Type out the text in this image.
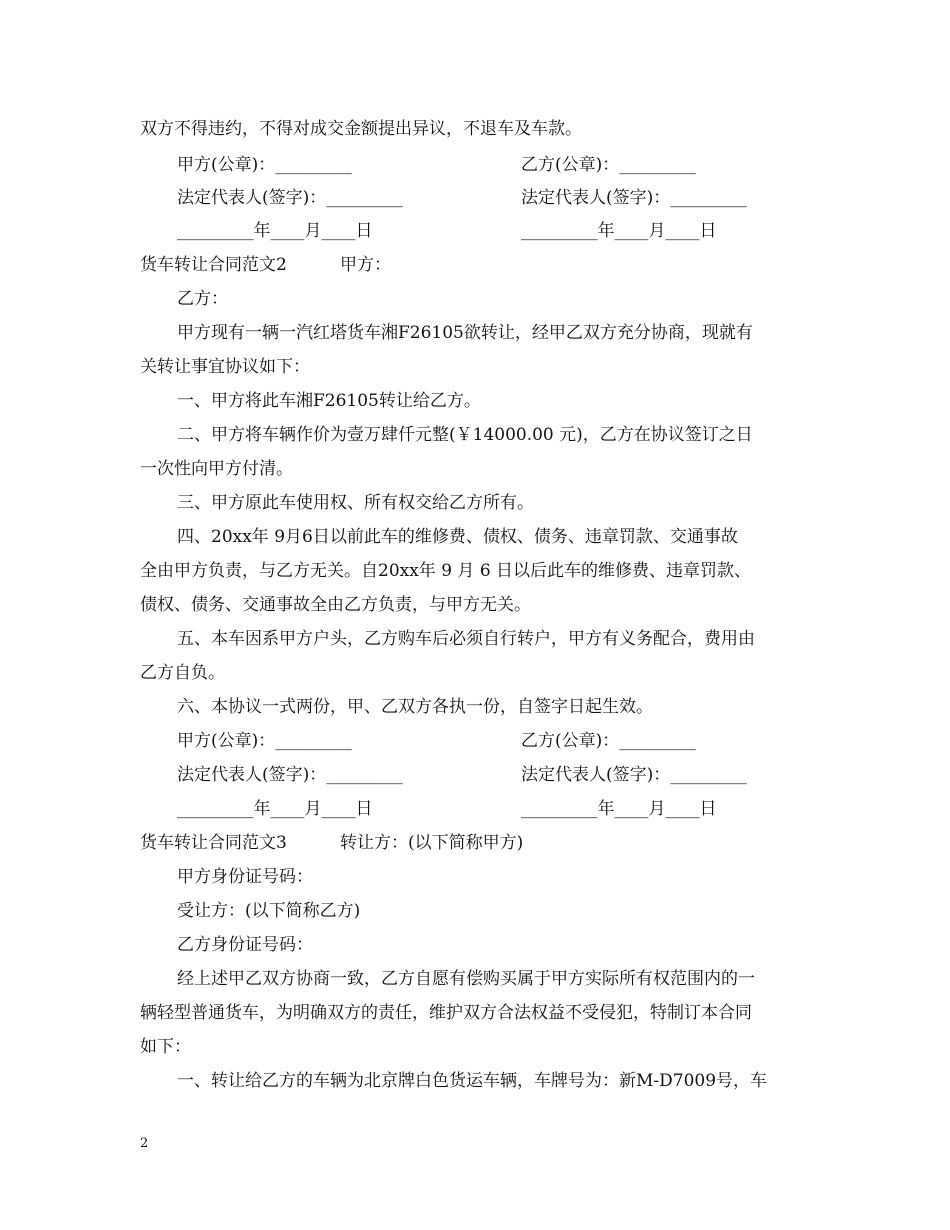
双方不得违约，不得对成交金额提出异议，不退车及车款。
甲方(公章)：_________	乙方(公章)：_________
法定代表人(签字)：_________	法定代表人(签字)：_________
_________年____月____日	_________年____月____日
货车转让合同范文2	甲方：
乙方：
甲方现有一辆一汽红塔货车湘F26105欲转让，经甲乙双方充分协商，现就有
关转让事宜协议如下：
一、甲方将此车湘F26105转让给乙方。
二、甲方将车辆作价为壹万肆仟元整(￥14000.00 元)，乙方在协议签订之日
一次性向甲方付清。
三、甲方原此车使用权、所有权交给乙方所有。
四、20xx年 9月6日以前此车的维修费、债权、债务、违章罚款、交通事故
全由甲方负责，与乙方无关。自20xx年 9 月 6 日以后此车的维修费、违章罚款、
债权、债务、交通事故全由乙方负责，与甲方无关。
五、本车因系甲方户头，乙方购车后必须自行转户，甲方有义务配合，费用由
乙方自负。
六、本协议一式两份，甲、乙双方各执一份，自签字日起生效。
甲方(公章)：_________	乙方(公章)：_________
法定代表人(签字)：_________	法定代表人(签字)：_________
_________年____月____日	_________年____月____日
货车转让合同范文3	转让方：(以下简称甲方)
甲方身份证号码：
受让方：(以下简称乙方)
乙方身份证号码：
经上述甲乙双方协商一致，乙方自愿有偿购买属于甲方实际所有权范围内的一
辆轻型普通货车，为明确双方的责任，维护双方合法权益不受侵犯，特制订本合同
如下：
一、转让给乙方的车辆为北京牌白色货运车辆，车牌号为：新M-D7009号，车
2
